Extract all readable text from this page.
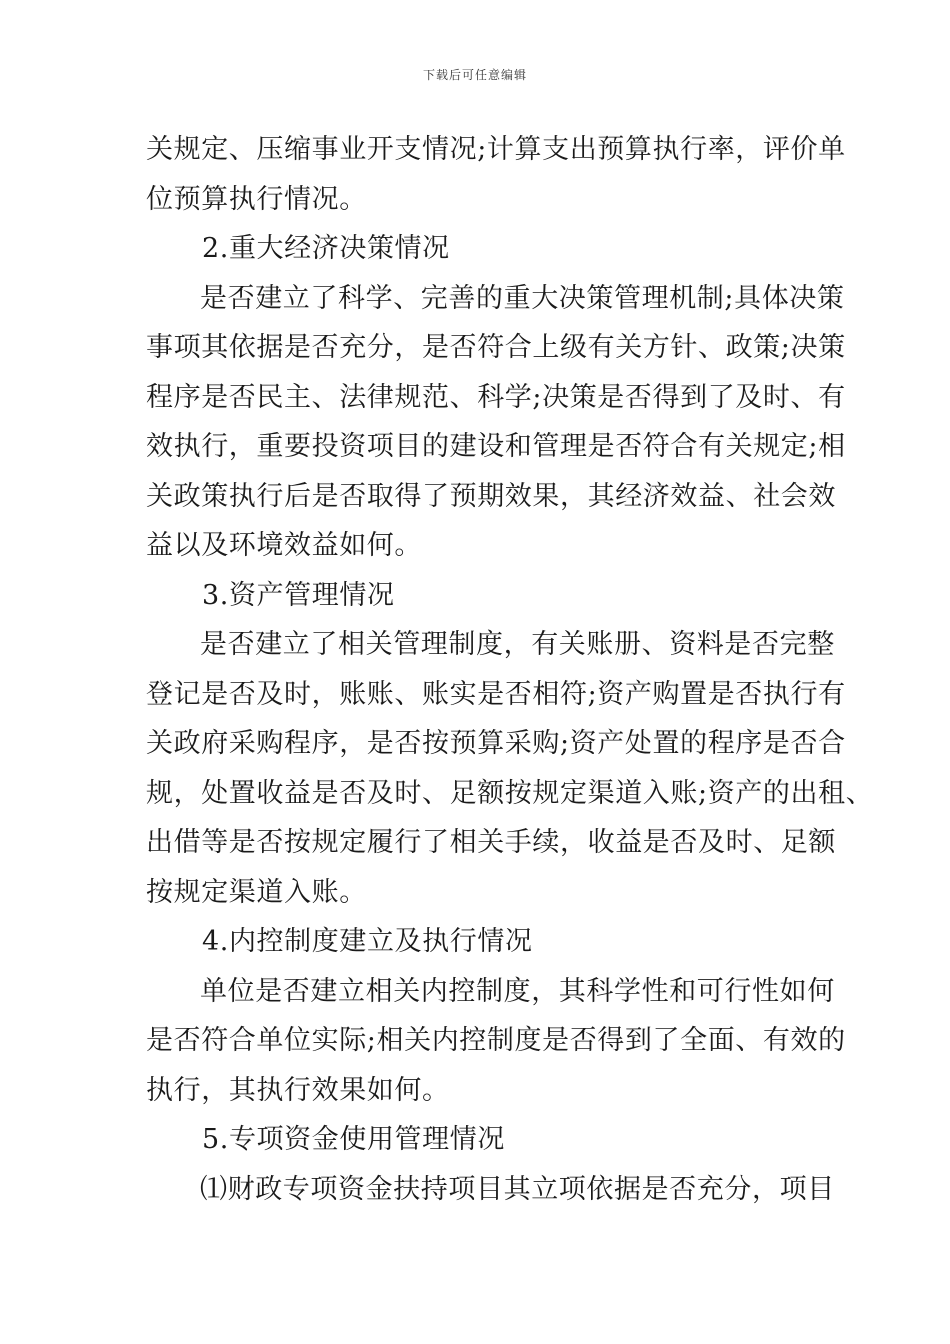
下载后可任意编辑
关规定、压缩事业开支情况;计算支出预算执行率，评价单
位预算执行情况。
2.重大经济决策情况
是否建立了科学、完善的重大决策管理机制;具体决策
事项其依据是否充分，是否符合上级有关方针、政策;决策
程序是否民主、法律规范、科学;决策是否得到了及时、有
效执行，重要投资项目的建设和管理是否符合有关规定;相
关政策执行后是否取得了预期效果，其经济效益、社会效
益以及环境效益如何。
3.资产管理情况
是否建立了相关管理制度，有关账册、资料是否完整
登记是否及时，账账、账实是否相符;资产购置是否执行有
关政府采购程序，是否按预算采购;资产处置的程序是否合
规，处置收益是否及时、足额按规定渠道入账;资产的出租、
出借等是否按规定履行了相关手续，收益是否及时、足额
按规定渠道入账。
4.内控制度建立及执行情况
单位是否建立相关内控制度，其科学性和可行性如何
是否符合单位实际;相关内控制度是否得到了全面、有效的
执行，其执行效果如何。
5.专项资金使用管理情况
⑴财政专项资金扶持项目其立项依据是否充分，项目
